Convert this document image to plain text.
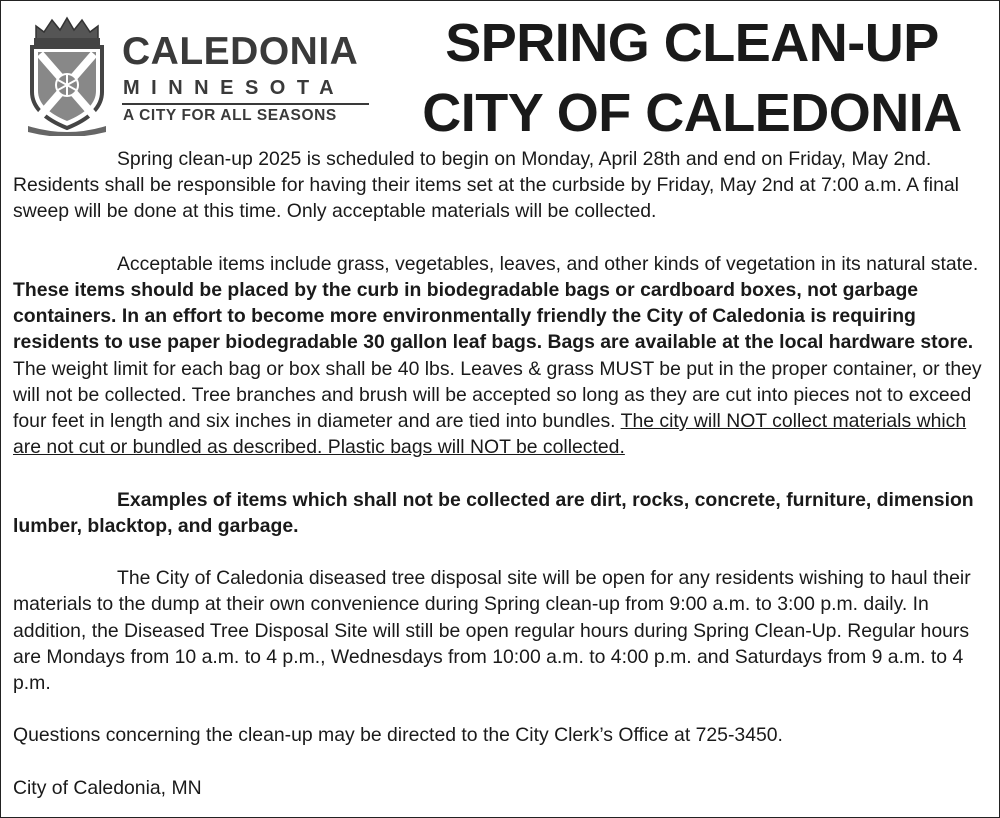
CALEDONIA
MINNESOTA
A CITY FOR ALL SEASONS
SPRING CLEAN-UP
CITY OF CALEDONIA

Spring clean-up 2025 is scheduled to begin on Monday, April 28th and end on Friday, May 2nd. Residents shall be responsible for having their items set at the curbside by Friday, May 2nd at 7:00 a.m. A final sweep will be done at this time. Only acceptable materials will be collected.

Acceptable items include grass, vegetables, leaves, and other kinds of vegetation in its natural state. These items should be placed by the curb in biodegradable bags or cardboard boxes, not garbage containers. In an effort to become more environmentally friendly the City of Caledonia is requiring residents to use paper biodegradable 30 gallon leaf bags. Bags are available at the local hardware store. The weight limit for each bag or box shall be 40 lbs. Leaves & grass MUST be put in the proper container, or they will not be collected. Tree branches and brush will be accepted so long as they are cut into pieces not to exceed four feet in length and six inches in diameter and are tied into bundles. The city will NOT collect materials which are not cut or bundled as described. Plastic bags will NOT be collected.

Examples of items which shall not be collected are dirt, rocks, concrete, furniture, dimension lumber, blacktop, and garbage.

The City of Caledonia diseased tree disposal site will be open for any residents wishing to haul their materials to the dump at their own convenience during Spring clean-up from 9:00 a.m. to 3:00 p.m. daily. In addition, the Diseased Tree Disposal Site will still be open regular hours during Spring Clean-Up. Regular hours are Mondays from 10 a.m. to 4 p.m., Wednesdays from 10:00 a.m. to 4:00 p.m. and Saturdays from 9 a.m. to 4 p.m.

Questions concerning the clean-up may be directed to the City Clerk’s Office at 725-3450.

City of Caledonia, MN
